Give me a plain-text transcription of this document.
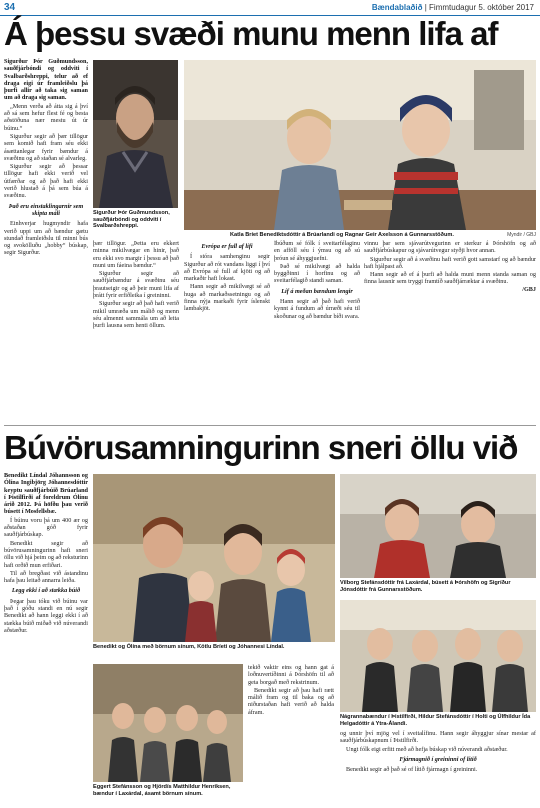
34	Bændablaðið | Fimmtudagur 5. október 2017
Á þessu svæði munu menn lifa af

Sigurður Þór Guðmundsson, sauðfjárbóndi og oddviti í Svalbarðshreppi, telur að ef draga eigi úr framleiðslu þá þurfi allir að taka sig saman um að draga sig saman.

„Menn verða að átta sig á því að sá sem hefur flest fé og besta aðstöðuna nær mestu út úr búinu.“

Sigurður segir að þær tillögur sem komið hafi fram séu ekki ásættanlegar fyrir bændur á svæðinu og að staðan sé alvarleg.

Sigurður segir að þessar tillögur hafi ekki verið vel útfærðar og að það hafi ekki verið hlustað á þá sem búa á svæðinu.

Það eru einstaklingarnir sem skipta máli

Einhverjar hugmyndir hafa verið uppi um að bændur gætu stundað framleiðslu til minni bús og svokölluðu „hobby“ búskap, segir Sigurður.

Sigurður Þór Guðmundsson, sauðfjárbóndi og oddviti í Svalbarðshreppi.
Katla Bríet Benediktsdóttir á Brúarlandi og Ragnar Geir Axelsson á Gunnarsstöðum.	Myndir / GBJ

þær tillögur. „Þetta eru ekkert minna mikilvægar en hinir, það eru ekki svo margir í þessu að það muni um fáeina bændur.“

Sigurður segir að sauðfjárbændur á svæðinu séu þrautseigir og að þeir muni lifa af þrátt fyrir erfiðleika í greininni.

Sigurður segir að það hafi verið mikil umræða um málið og menn séu almennt sammála um að leita þurfi lausna sem henti öllum.

Evrópa er full af lífi

Í stóra samhenginu segir Sigurður að rót vandans liggi í því að Evrópa sé full af kjöti og að markaðir hafi lokast.

Hann segir að mikilvægt sé að huga að markaðssetningu og að finna nýja markaði fyrir íslenskt lambakjöt.

Íbúðum sé fólk í sveitarfélaginu en afföll séu í ýmsu og að sú þróun sé áhyggjuefni.

Það sé mikilvægt að halda byggðinni í horfinu og að sveitarfélagið standi saman.

Líf á meðan bændum lengir

Hann segir að það hafi verið kynnt á fundum að úrræði séu til skoðunar og að bændur bíði svara.

vinnu þar sem sjávarútvegurinn er sterkur á Þórshöfn og að sauðfjárbúskapur og sjávarútvegur styðji hvor annan.

Sigurður segir að á svæðinu hafi verið gott samstarf og að bændur hafi hjálpast að.

Hann segir að ef á þurfi að halda muni menn standa saman og finna lausnir sem tryggi framtíð sauðfjárræktar á svæðinu.

/GBJ

Búvörusamningurinn sneri öllu við

Benedikt Líndal Jóhannsson og Ólína Ingibjörg Jóhannesdóttir keyptu sauðfjárbúið Brúarland í Þistilfirði af foreldrum Ólínu árið 2012. Þá höfðu þau verið búsett í Mosfellsbæ.

Í búinu voru þá um 400 ær og aðstaðan góð fyrir sauðfjárbúskap.

Benedikt segir að búvörusamningurinn hafi sneri öllu við hjá þeim og að reksturinn hafi orðið mun erfiðari.

Til að bregðast við ástandinu hafa þau leitað annarra leiða.

Legg ekki í að stækka búið

Þegar þau tóku við búinu var það í góðu standi en nú segir Benedikt að hann leggi ekki í að stækka búið miðað við núverandi aðstæður.

Benedikt og Ólína með börnum sínum, Kötlu Bríeti og Jóhannesi Líndal.
Vilborg Stefánsdóttir frá Laxárdal, búsett á Þórshöfn og Sigríður Jónsdóttir frá Gunnarsstöðum.
Nágrannabændur í Þistilfirði, Hildur Stefánsdóttir í Holti og Úlfhildur Ída Helgadóttir á Ytra-Álandi.
Eggert Stefánsson og Hjördís Matthildur Henriksen, bændur í Laxárdal, ásamt börnum sínum.

tekið vaktir eins og hann gat á loðnuvertíðinni á Þórshöfn til að geta borgað með rekstrinum.

Benedikt segir að þau hafi rætt málið fram og til baka og að niðurstaðan hafi verið að halda áfram.

og unnir því mjög vel í sveitalífinu. Hann segir áhyggjur sínar mestar af sauðfjárbúskapnum í Þistilfirði.

Ungt fólk eigi erfitt með að hefja búskap við núverandi aðstæður.

Fjármagnið í greininni of lítið

Benedikt segir að það sé of lítið fjármagn í greininni.
